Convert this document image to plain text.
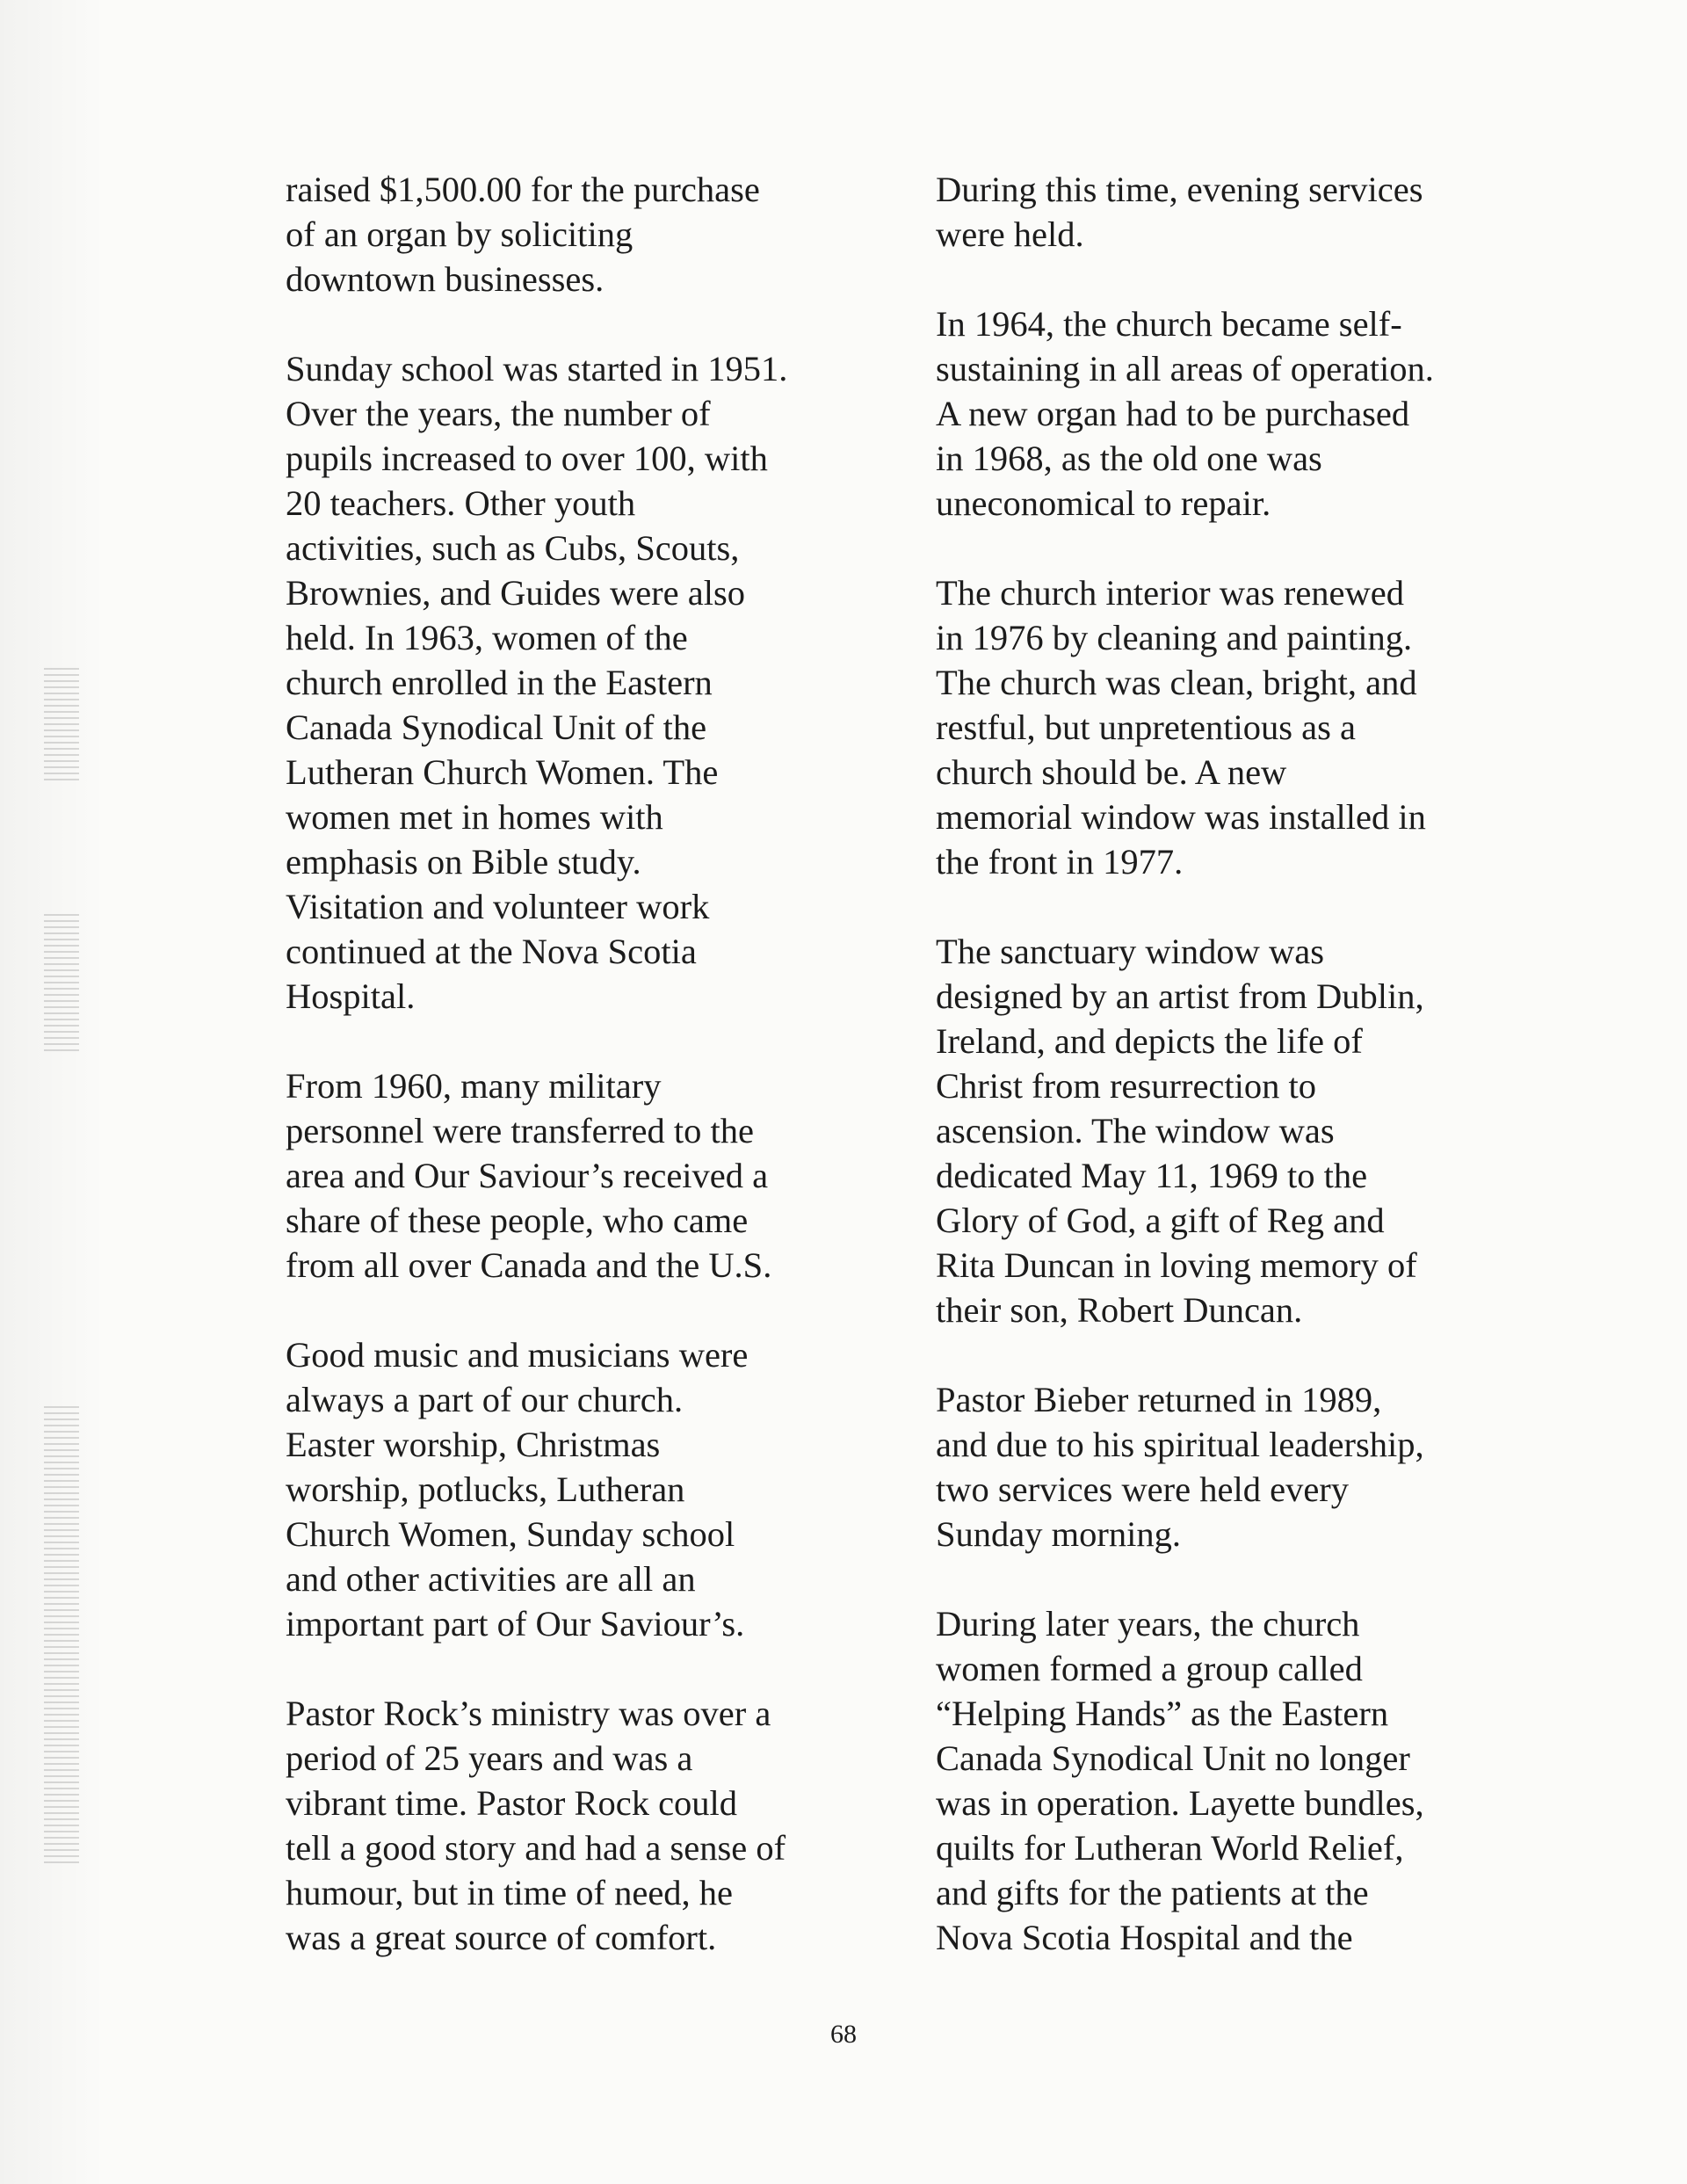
raised $1,500.00 for the purchase
of an organ by soliciting
downtown businesses.

Sunday school was started in 1951.
Over the years, the number of
pupils increased to over 100, with
20 teachers. Other youth
activities, such as Cubs, Scouts,
Brownies, and Guides were also
held. In 1963, women of the
church enrolled in the Eastern
Canada Synodical Unit of the
Lutheran Church Women. The
women met in homes with
emphasis on Bible study.
Visitation and volunteer work
continued at the Nova Scotia
Hospital.

From 1960, many military
personnel were transferred to the
area and Our Saviour’s received a
share of these people, who came
from all over Canada and the U.S.

Good music and musicians were
always a part of our church.
Easter worship, Christmas
worship, potlucks, Lutheran
Church Women, Sunday school
and other activities are all an
important part of Our Saviour’s.

Pastor Rock’s ministry was over a
period of 25 years and was a
vibrant time. Pastor Rock could
tell a good story and had a sense of
humour, but in time of need, he
was a great source of comfort.

During this time, evening services
were held.

In 1964, the church became self-
sustaining in all areas of operation.
A new organ had to be purchased
in 1968, as the old one was
uneconomical to repair.

The church interior was renewed
in 1976 by cleaning and painting.
The church was clean, bright, and
restful, but unpretentious as a
church should be. A new
memorial window was installed in
the front in 1977.

The sanctuary window was
designed by an artist from Dublin,
Ireland, and depicts the life of
Christ from resurrection to
ascension. The window was
dedicated May 11, 1969 to the
Glory of God, a gift of Reg and
Rita Duncan in loving memory of
their son, Robert Duncan.

Pastor Bieber returned in 1989,
and due to his spiritual leadership,
two services were held every
Sunday morning.

During later years, the church
women formed a group called
“Helping Hands” as the Eastern
Canada Synodical Unit no longer
was in operation. Layette bundles,
quilts for Lutheran World Relief,
and gifts for the patients at the
Nova Scotia Hospital and the

68
